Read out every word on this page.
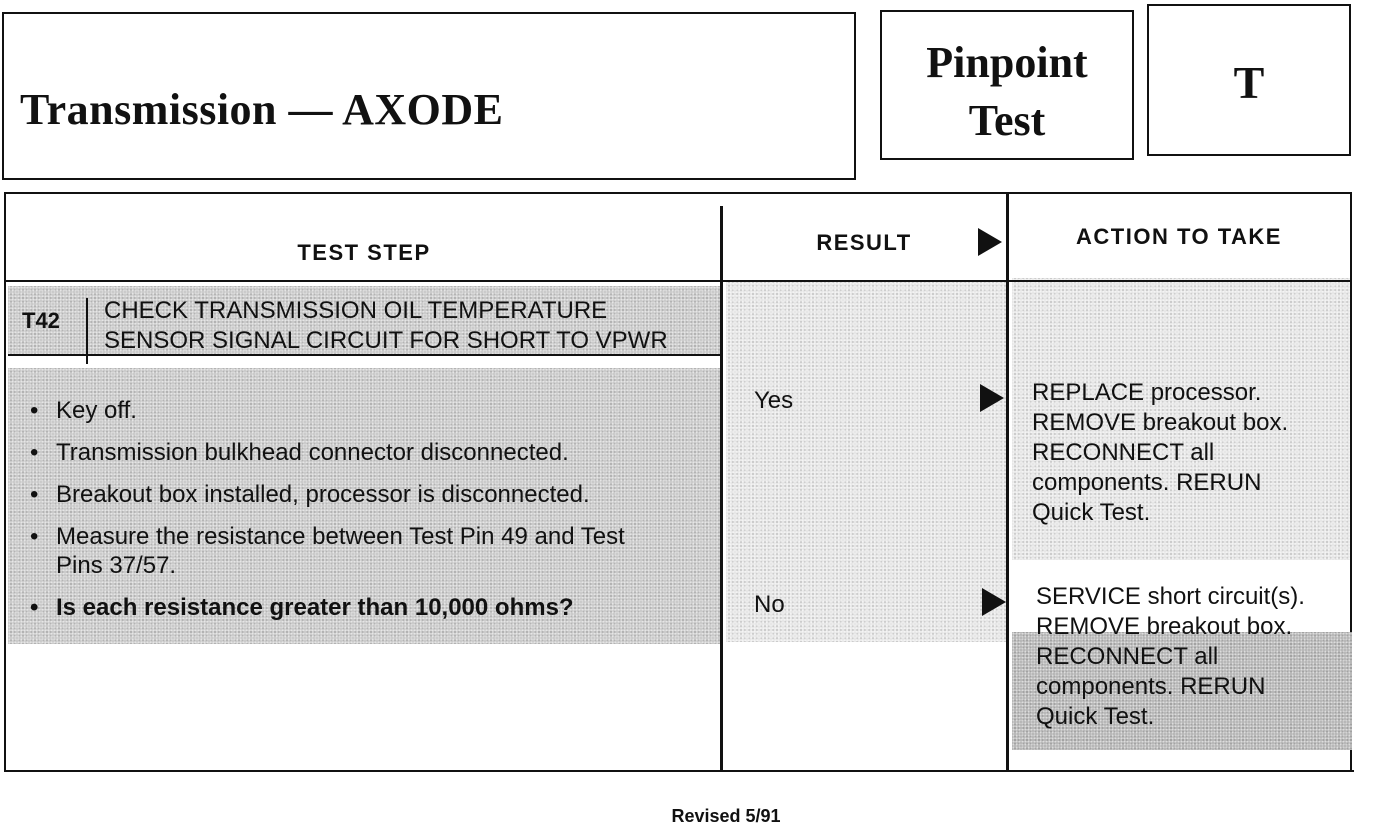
Transmission — AXODE
Pinpoint
Test
T
TEST STEP	RESULT	ACTION TO TAKE
T42 CHECK TRANSMISSION OIL TEMPERATURE
SENSOR SIGNAL CIRCUIT FOR SHORT TO VPWR
• Key off.
• Transmission bulkhead connector disconnected.
• Breakout box installed, processor is disconnected.
• Measure the resistance between Test Pin 49 and Test Pins 37/57.
• Is each resistance greater than 10,000 ohms?
Yes
No
REPLACE processor.
REMOVE breakout box.
RECONNECT all
components. RERUN
Quick Test.
SERVICE short circuit(s).
REMOVE breakout box.
RECONNECT all
components. RERUN
Quick Test.
Revised 5/91
